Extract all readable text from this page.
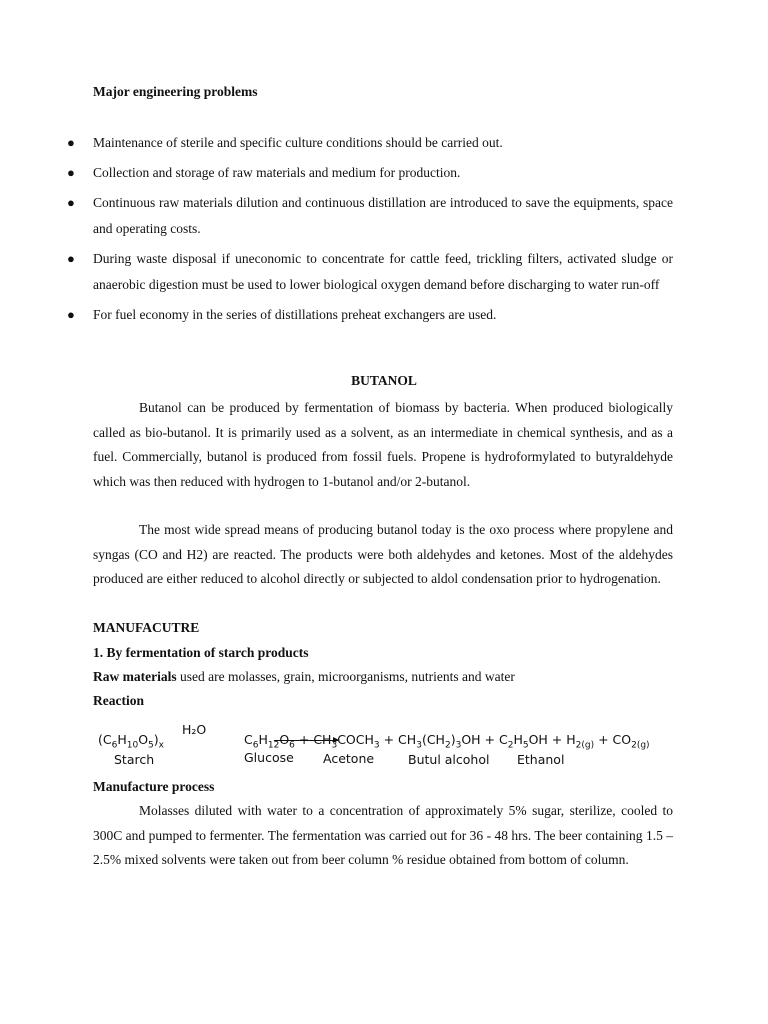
Major engineering problems
● Maintenance of sterile and specific culture conditions should be carried out.
● Collection and storage of raw materials and medium for production.
● Continuous raw materials dilution and continuous distillation are introduced to save the equipments, space and operating costs.
● During waste disposal if uneconomic to concentrate for cattle feed, trickling filters, activated sludge or anaerobic digestion must be used to lower biological oxygen demand before discharging to water run-off
● For fuel economy in the series of distillations preheat exchangers are used.
BUTANOL
Butanol can be produced by fermentation of biomass by bacteria. When produced biologically called as bio-butanol. It is primarily used as a solvent, as an intermediate in chemical synthesis, and as a fuel. Commercially, butanol is produced from fossil fuels. Propene is hydroformylated to butyraldehyde which was then reduced with hydrogen to 1-butanol and/or 2-butanol.
The most wide spread means of producing butanol today is the oxo process where propylene and syngas (CO and H2) are reacted. The products were both aldehydes and ketones. Most of the aldehydes produced are either reduced to alcohol directly or subjected to aldol condensation prior to hydrogenation.
MANUFACUTRE
1. By fermentation of starch products
Raw materials used are molasses, grain, microorganisms, nutrients and water
Reaction
$(C_6H_{10}O_5)_x$
H₂O
$C_6H_{12}O_6$ + $CH_3COCH_3 + CH_3(CH_2)_3OH + C_2H_5OH + H_{2(g)} + CO_{2(g)}$
Starch	Glucose Acetone	Butul alcohol Ethanol
Manufacture process
Molasses diluted with water to a concentration of approximately 5% sugar, sterilize, cooled to 300C and pumped to fermenter. The fermentation was carried out for 36 - 48 hrs. The beer containing 1.5 – 2.5% mixed solvents were taken out from beer column % residue obtained from bottom of column.
